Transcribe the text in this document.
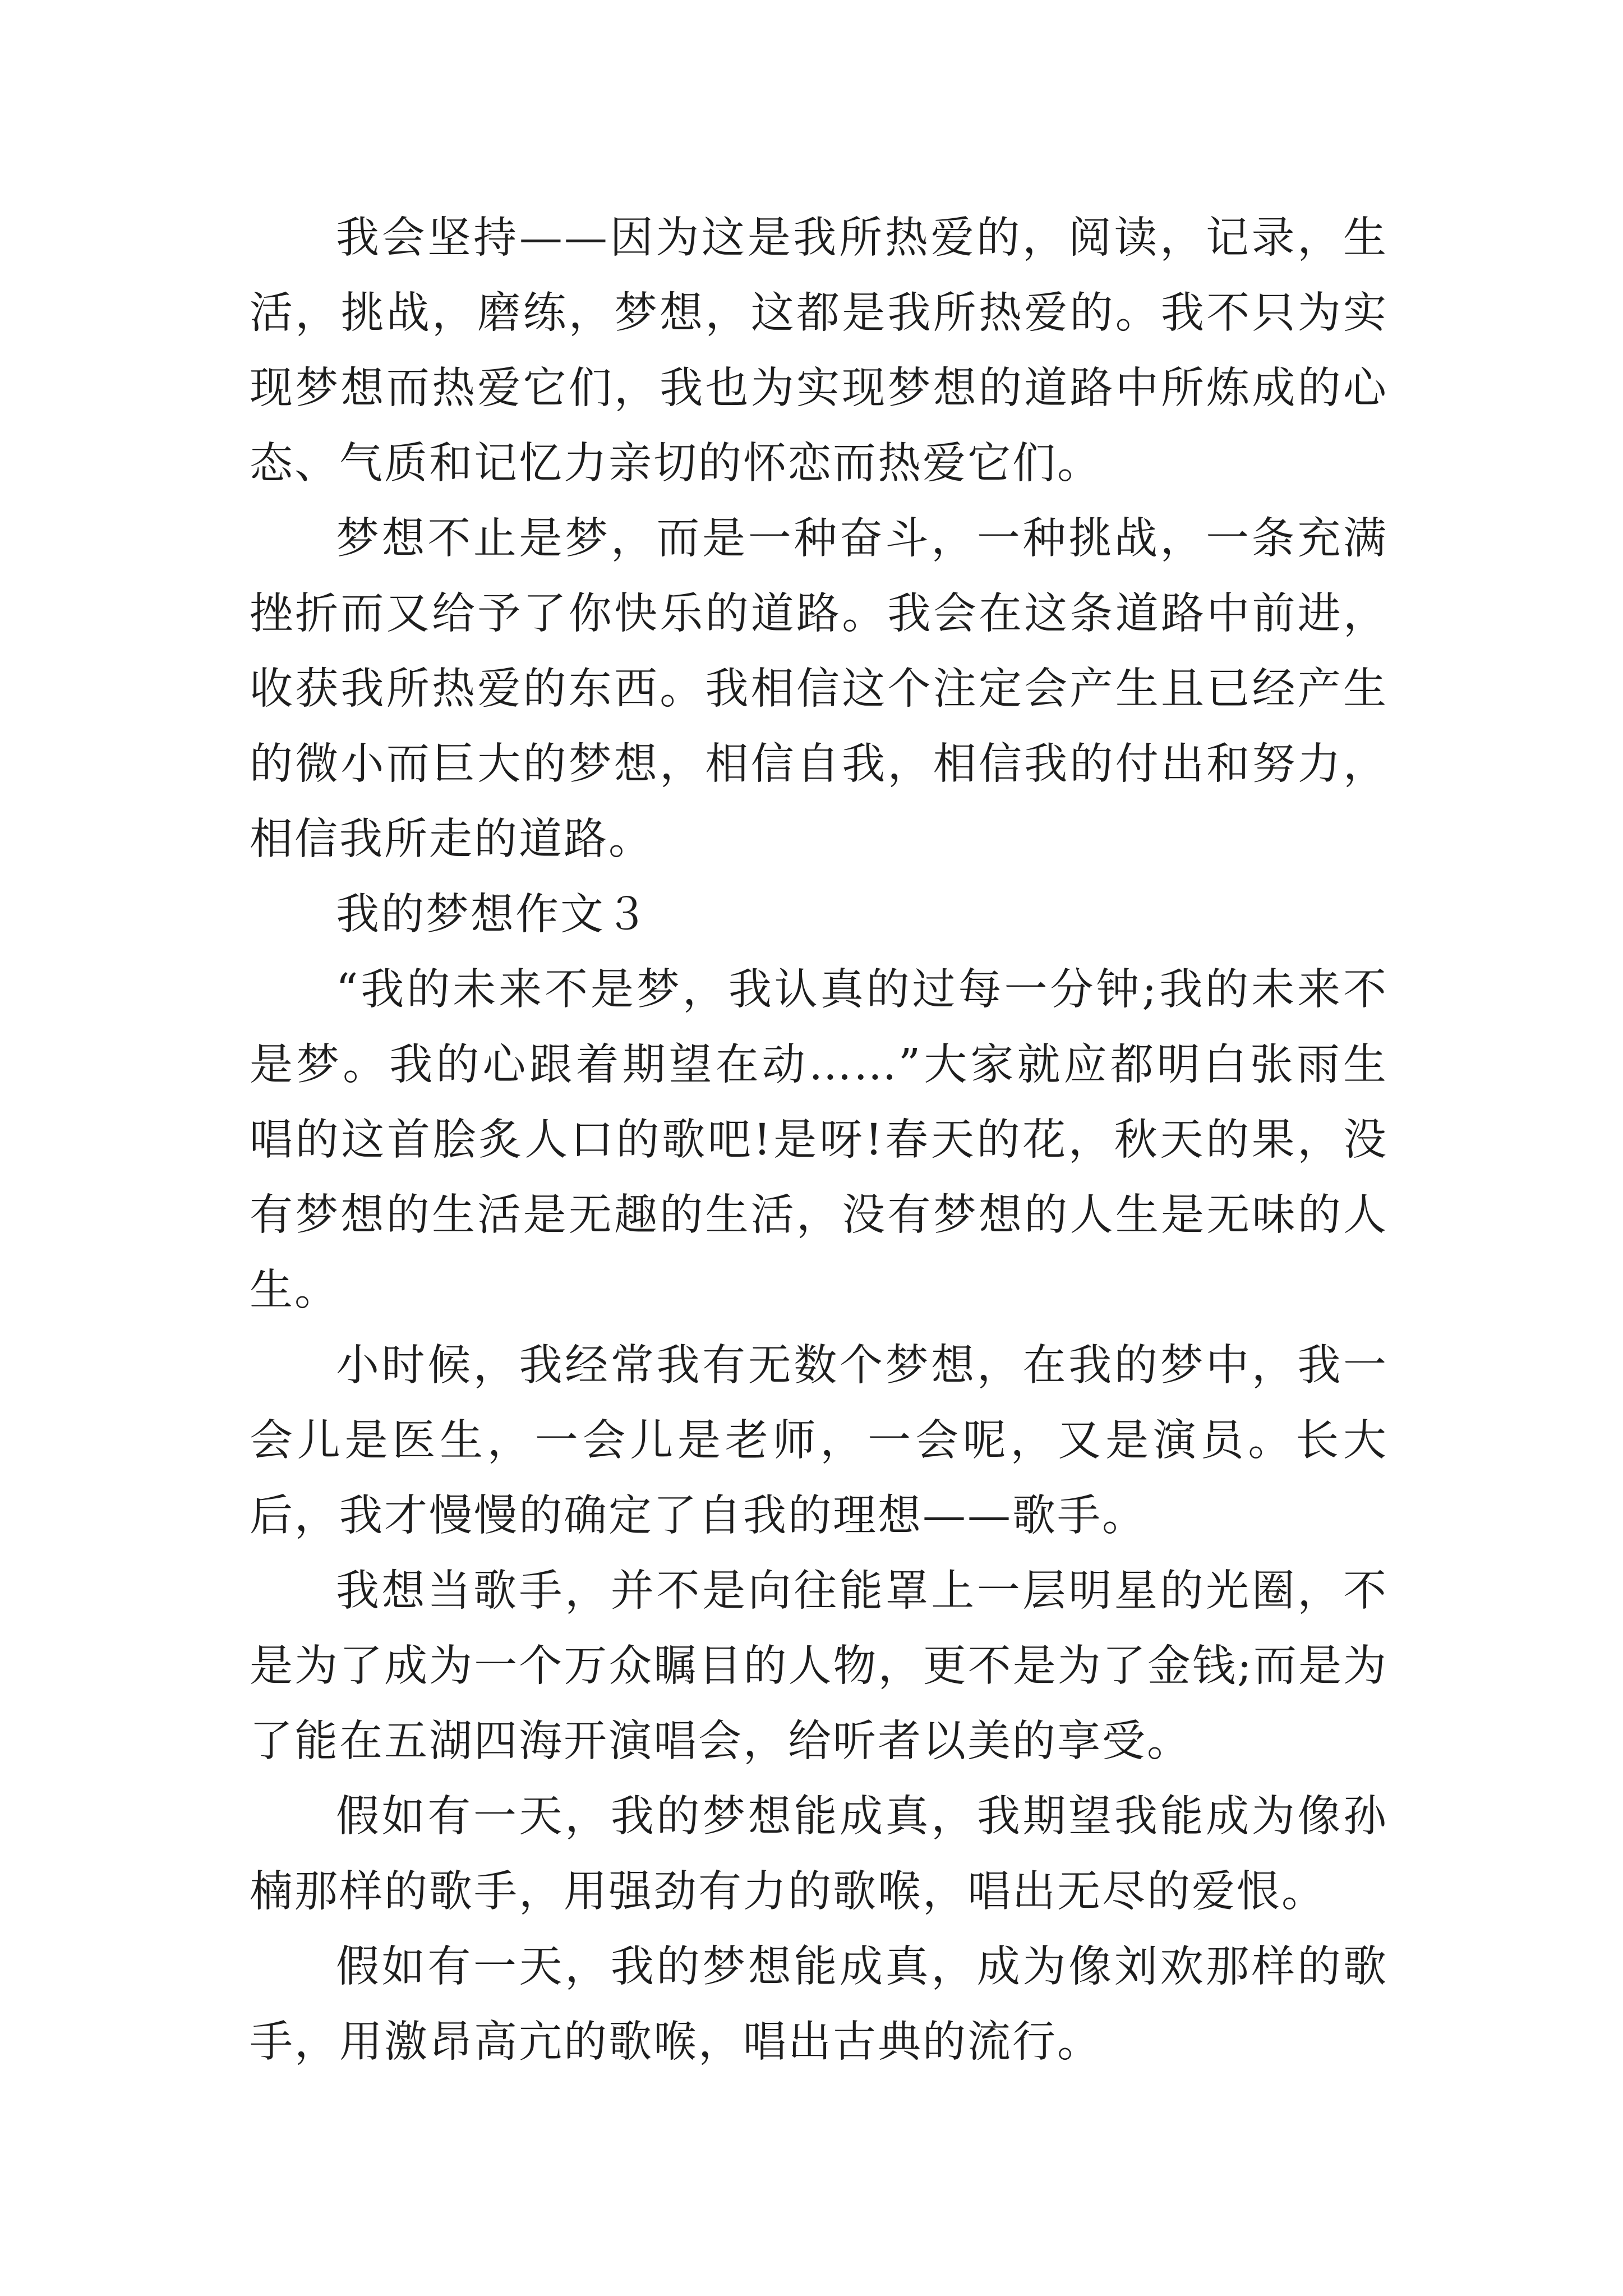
我会坚持——因为这是我所热爱的，阅读，记录，生活，挑战，磨练，梦想，这都是我所热爱的。我不只为实现梦想而热爱它们，我也为实现梦想的道路中所炼成的心态、气质和记忆力亲切的怀恋而热爱它们。

梦想不止是梦，而是一种奋斗，一种挑战，一条充满挫折而又给予了你快乐的道路。我会在这条道路中前进，收获我所热爱的东西。我相信这个注定会产生且已经产生的微小而巨大的梦想，相信自我，相信我的付出和努力，相信我所走的道路。

我的梦想作文３

“我的未来不是梦，我认真的过每一分钟;我的未来不是梦。我的心跟着期望在动……”大家就应都明白张雨生唱的这首脍炙人口的歌吧!是呀!春天的花，秋天的果，没有梦想的生活是无趣的生活，没有梦想的人生是无味的人生。

小时候，我经常我有无数个梦想，在我的梦中，我一会儿是医生，一会儿是老师，一会呢，又是演员。长大后，我才慢慢的确定了自我的理想——歌手。

我想当歌手，并不是向往能罩上一层明星的光圈，不是为了成为一个万众瞩目的人物，更不是为了金钱;而是为了能在五湖四海开演唱会，给听者以美的享受。

假如有一天，我的梦想能成真，我期望我能成为像孙楠那样的歌手，用强劲有力的歌喉，唱出无尽的爱恨。

假如有一天，我的梦想能成真，成为像刘欢那样的歌手，用激昂高亢的歌喉，唱出古典的流行。
